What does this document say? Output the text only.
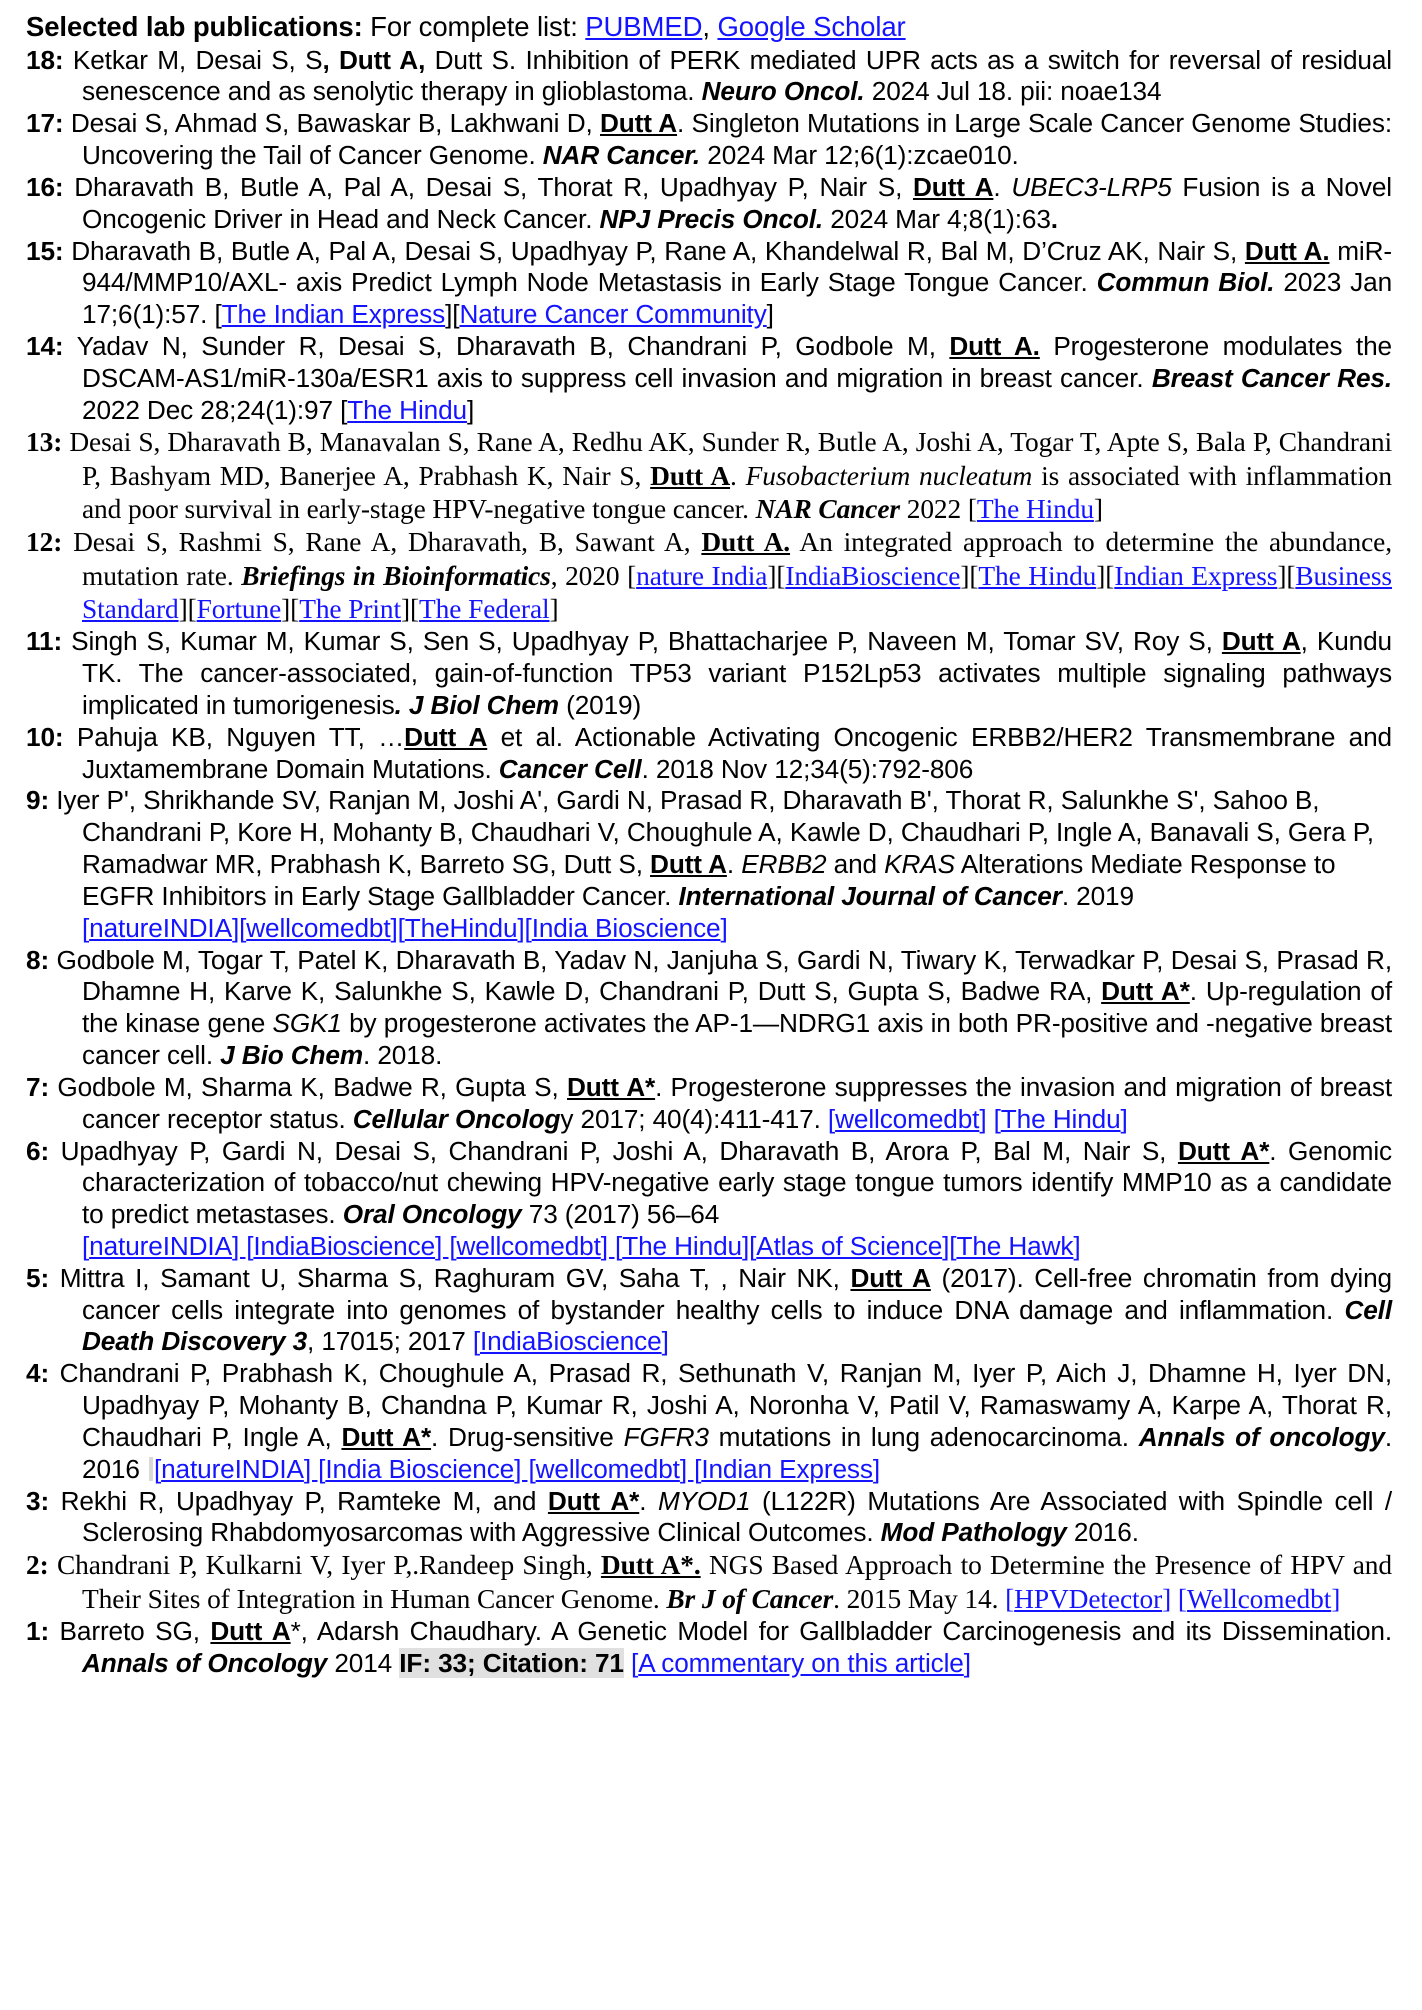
Selected lab publications: For complete list: PUBMED, Google Scholar

18: Ketkar M, Desai S, S, Dutt A, Dutt S. Inhibition of PERK mediated UPR acts as a switch for reversal of residual senescence and as senolytic therapy in glioblastoma. Neuro Oncol. 2024 Jul 18. pii: noae134

17: Desai S, Ahmad S, Bawaskar B, Lakhwani D, Dutt A. Singleton Mutations in Large Scale Cancer Genome Studies: Uncovering the Tail of Cancer Genome. NAR Cancer. 2024 Mar 12;6(1):zcae010.

16: Dharavath B, Butle A, Pal A, Desai S, Thorat R, Upadhyay P, Nair S, Dutt A. UBEC3-LRP5 Fusion is a Novel Oncogenic Driver in Head and Neck Cancer. NPJ Precis Oncol. 2024 Mar 4;8(1):63.

15: Dharavath B, Butle A, Pal A, Desai S, Upadhyay P, Rane A, Khandelwal R, Bal M, D’Cruz AK, Nair S, Dutt A. miR-944/MMP10/AXL- axis Predict Lymph Node Metastasis in Early Stage Tongue Cancer. Commun Biol. 2023 Jan 17;6(1):57. [The Indian Express][Nature Cancer Community]

14: Yadav N, Sunder R, Desai S, Dharavath B, Chandrani P, Godbole M, Dutt A. Progesterone modulates the DSCAM-AS1/miR-130a/ESR1 axis to suppress cell invasion and migration in breast cancer. Breast Cancer Res. 2022 Dec 28;24(1):97 [The Hindu]

13: Desai S, Dharavath B, Manavalan S, Rane A, Redhu AK, Sunder R, Butle A, Joshi A, Togar T, Apte S, Bala P, Chandrani P, Bashyam MD, Banerjee A, Prabhash K, Nair S, Dutt A. Fusobacterium nucleatum is associated with inflammation and poor survival in early-stage HPV-negative tongue cancer. NAR Cancer 2022 [The Hindu]

12: Desai S, Rashmi S, Rane A, Dharavath, B, Sawant A, Dutt A. An integrated approach to determine the abundance, mutation rate. Briefings in Bioinformatics, 2020 [nature India][IndiaBioscience][The Hindu][Indian Express][Business Standard][Fortune][The Print][The Federal]

11: Singh S, Kumar M, Kumar S, Sen S, Upadhyay P, Bhattacharjee P, Naveen M, Tomar SV, Roy S, Dutt A, Kundu TK. The cancer-associated, gain-of-function TP53 variant P152Lp53 activates multiple signaling pathways implicated in tumorigenesis. J Biol Chem (2019)

10: Pahuja KB, Nguyen TT, …Dutt A et al. Actionable Activating Oncogenic ERBB2/HER2 Transmembrane and Juxtamembrane Domain Mutations. Cancer Cell. 2018 Nov 12;34(5):792-806

9: Iyer Pʹ, Shrikhande SV, Ranjan M, Joshi Aʹ, Gardi N, Prasad R, Dharavath Bʹ, Thorat R, Salunkhe Sʹ, Sahoo B, Chandrani P, Kore H, Mohanty B, Chaudhari V, Choughule A, Kawle D, Chaudhari P, Ingle A, Banavali S, Gera P, Ramadwar MR, Prabhash K, Barreto SG, Dutt S, Dutt A. ERBB2 and KRAS Alterations Mediate Response to EGFR Inhibitors in Early Stage Gallbladder Cancer. International Journal of Cancer. 2019
[natureINDIA][wellcomedbt][TheHindu][India Bioscience]

8: Godbole M, Togar T, Patel K, Dharavath B, Yadav N, Janjuha S, Gardi N, Tiwary K, Terwadkar P, Desai S, Prasad R, Dhamne H, Karve K, Salunkhe S, Kawle D, Chandrani P, Dutt S, Gupta S, Badwe RA, Dutt A*. Up-regulation of the kinase gene SGK1 by progesterone activates the AP-1—NDRG1 axis in both PR-positive and -negative breast cancer cell. J Bio Chem. 2018.

7: Godbole M, Sharma K, Badwe R, Gupta S, Dutt A*. Progesterone suppresses the invasion and migration of breast cancer receptor status. Cellular Oncology 2017; 40(4):411-417. [wellcomedbt] [The Hindu]

6: Upadhyay P, Gardi N, Desai S, Chandrani P, Joshi A, Dharavath B, Arora P, Bal M, Nair S, Dutt A*. Genomic characterization of tobacco/nut chewing HPV-negative early stage tongue tumors identify MMP10 as a candidate to predict metastases. Oral Oncology 73 (2017) 56–64
[natureINDIA] [IndiaBioscience] [wellcomedbt] [The Hindu][Atlas of Science][The Hawk]

5: Mittra I, Samant U, Sharma S, Raghuram GV, Saha T, , Nair NK, Dutt A (2017). Cell-free chromatin from dying cancer cells integrate into genomes of bystander healthy cells to induce DNA damage and inflammation. Cell Death Discovery 3, 17015; 2017 [IndiaBioscience]

4: Chandrani P, Prabhash K, Choughule A, Prasad R, Sethunath V, Ranjan M, Iyer P, Aich J, Dhamne H, Iyer DN, Upadhyay P, Mohanty B, Chandna P, Kumar R, Joshi A, Noronha V, Patil V, Ramaswamy A, Karpe A, Thorat R, Chaudhari P, Ingle A, Dutt A*. Drug-sensitive FGFR3 mutations in lung adenocarcinoma. Annals of oncology. 2016 [natureINDIA] [India Bioscience] [wellcomedbt] [Indian Express]

3: Rekhi R, Upadhyay P, Ramteke M, and Dutt A*. MYOD1 (L122R) Mutations Are Associated with Spindle cell / Sclerosing Rhabdomyosarcomas with Aggressive Clinical Outcomes. Mod Pathology 2016.

2: Chandrani P, Kulkarni V, Iyer P,.Randeep Singh, Dutt A*. NGS Based Approach to Determine the Presence of HPV and Their Sites of Integration in Human Cancer Genome. Br J of Cancer. 2015 May 14. [HPVDetector] [Wellcomedbt]

1: Barreto SG, Dutt A*, Adarsh Chaudhary. A Genetic Model for Gallbladder Carcinogenesis and its Dissemination. Annals of Oncology 2014 IF: 33; Citation: 71 [A commentary on this article]
